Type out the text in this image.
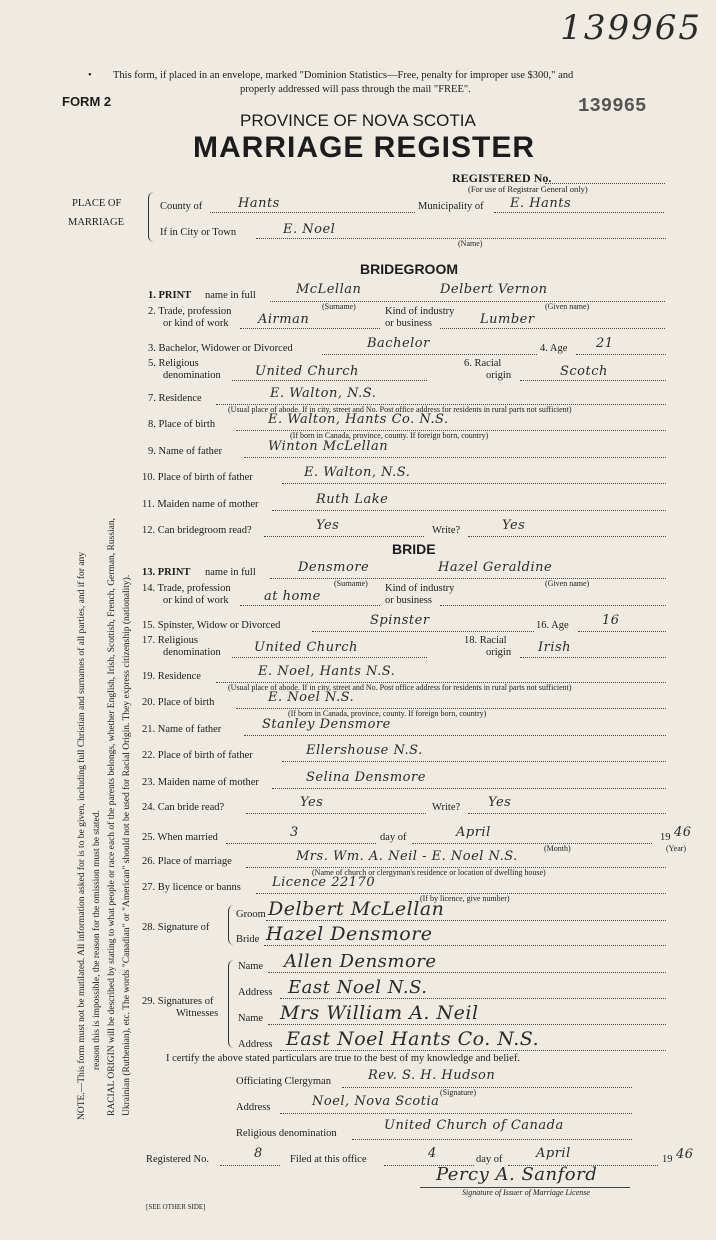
139965
• This form, if placed in an envelope, marked "Dominion Statistics—Free, penalty for improper use $300," and
properly addressed will pass through the mail "FREE".
FORM 2	139965
PROVINCE OF NOVA SCOTIA
MARRIAGE REGISTER
REGISTERED No.
(For use of Registrar General only)
PLACE OF
MARRIAGE
County of	Hants	Municipality of E. Hants
If in City or Town	E. Noel
(Name)
NOTE.—This form must not be mutilated. All information asked for is to be given, including full Christian and surnames of all parties, and if for any reason this is impossible, the reason for the omission must be stated. RACIAL ORIGIN will be described by stating to what people or race each of the parents belongs, whether English, Irish, Scottish, French, German, Russian, Ukrainian (Ruthenian), etc. The words "Canadian" or "American" should not be used for Racial Origin. They express citizenship (nationality).
BRIDEGROOM
1. PRINT name in full	McLellan	Delbert Vernon
(Surname)	(Given name)
2. Trade, profession
or kind of work Airman
Kind of industry
or business	Lumber
3. Bachelor, Widower or Divorced	Bachelor	4. Age 21
5. Religious
denomination	United Church
6. Racial
origin	Scotch
7. Residence	E. Walton, N.S.
(Usual place of abode. If in city, street and No. Post office address for residents in rural parts not sufficient)
8. Place of birth	E. Walton, Hants Co. N.S.
(If born in Canada, province, county. If foreign born, country)
9. Name of father	Winton McLellan
10. Place of birth of father	E. Walton, N.S.
11. Maiden name of mother	Ruth Lake
12. Can bridegroom read?	Yes	Write?	Yes
BRIDE
13. PRINT name in full	Densmore	Hazel Geraldine
(Surname)	(Given name)
14. Trade, profession
or kind of work	at home
Kind of industry
or business
15. Spinster, Widow or Divorced	Spinster	16. Age	16
17. Religious
denomination	United Church	18. Racial
origin Irish
19. Residence	E. Noel, Hants N.S.
(Usual place of abode. If in city, street and No. Post office address for residents in rural parts not sufficient)
20. Place of birth	E. Noel N.S.
(If born in Canada, province, county. If foreign born, country)
21. Name of father	Stanley Densmore
22. Place of birth of father	Ellershouse N.S.
23. Maiden name of mother	Selina Densmore
24. Can bride read?	Yes	Write? Yes
25. When married	3	day of	April
(Month)
19 46
(Year)
26. Place of marriage	Mrs. Wm. A. Neil - E. Noel N.S.
(Name of church or clergyman's residence or location of dwelling house)
27. By licence or banns Licence 22170
(If by licence, give number)
28. Signature of
Groom Delbert McLellan
Bride Hazel Densmore
29. Signatures of
Witnesses
Name Allen Densmore
Address East Noel N.S.
Name Mrs William A. Neil
Address East Noel Hants Co. N.S.
I certify the above stated particulars are true to the best of my knowledge and belief.
Officiating Clergyman	Rev. S. H. Hudson
(Signature)
Address	Noel, Nova Scotia
Religious denomination
United Church of Canada
Registered No.	8	Filed at this office	4	day of	April	19 46
Percy A. Sanford
Signature of Issuer of Marriage License
[SEE OTHER SIDE]
